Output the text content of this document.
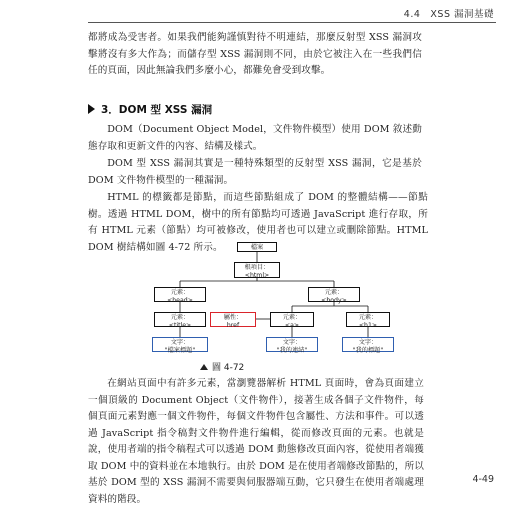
4.4　XSS 漏洞基礎
都將成為受害者。如果我們能夠謹慎對待不明連結，那麼反射型 XSS 漏洞攻擊將沒有多大作為；而儲存型 XSS 漏洞則不同，由於它被注入在一些我們信任的頁面，因此無論我們多麼小心，都難免會受到攻擊。
3．DOM 型 XSS 漏洞
DOM（Document Object Model，文件物件模型）使用 DOM 敘述動態存取和更新文件的內容、結構及樣式。
DOM 型 XSS 漏洞其實是一種特殊類型的反射型 XSS 漏洞，它是基於 DOM 文件物件模型的一種漏洞。
HTML 的標籤都是節點，而這些節點組成了 DOM 的整體結構——節點樹。透過 HTML DOM，樹中的所有節點均可透過 JavaScript 進行存取，所有 HTML 元素（節點）均可被修改，使用者也可以建立或刪除節點。HTML DOM 樹結構如圖 4-72 所示。	檔案
根項目：
<html>
元素：
<head>
元素：
<body>
元素：
<title>
屬性：
href
元素：
<a>
元素：
<h1>
文字：
"檔案標題"
文字：
"我的連結"
文字：
"我的標題"
圖 4-72
在網站頁面中有許多元素，當瀏覽器解析 HTML 頁面時，會為頁面建立一個頂級的 Document Object（文件物件），接著生成各個子文件物件，每個頁面元素對應一個文件物件，每個文件物件包含屬性、方法和事件。可以透過 JavaScript 指令稿對文件物件進行編輯，從而修改頁面的元素。也就是說，使用者端的指令稿程式可以透過 DOM 動態修改頁面內容，從使用者端獲取 DOM 中的資料並在本地執行。由於 DOM 是在使用者端修改節點的，所以基於 DOM 型的 XSS 漏洞不需要與伺服器端互動，它只發生在使用者端處理資料的階段。
4-49
